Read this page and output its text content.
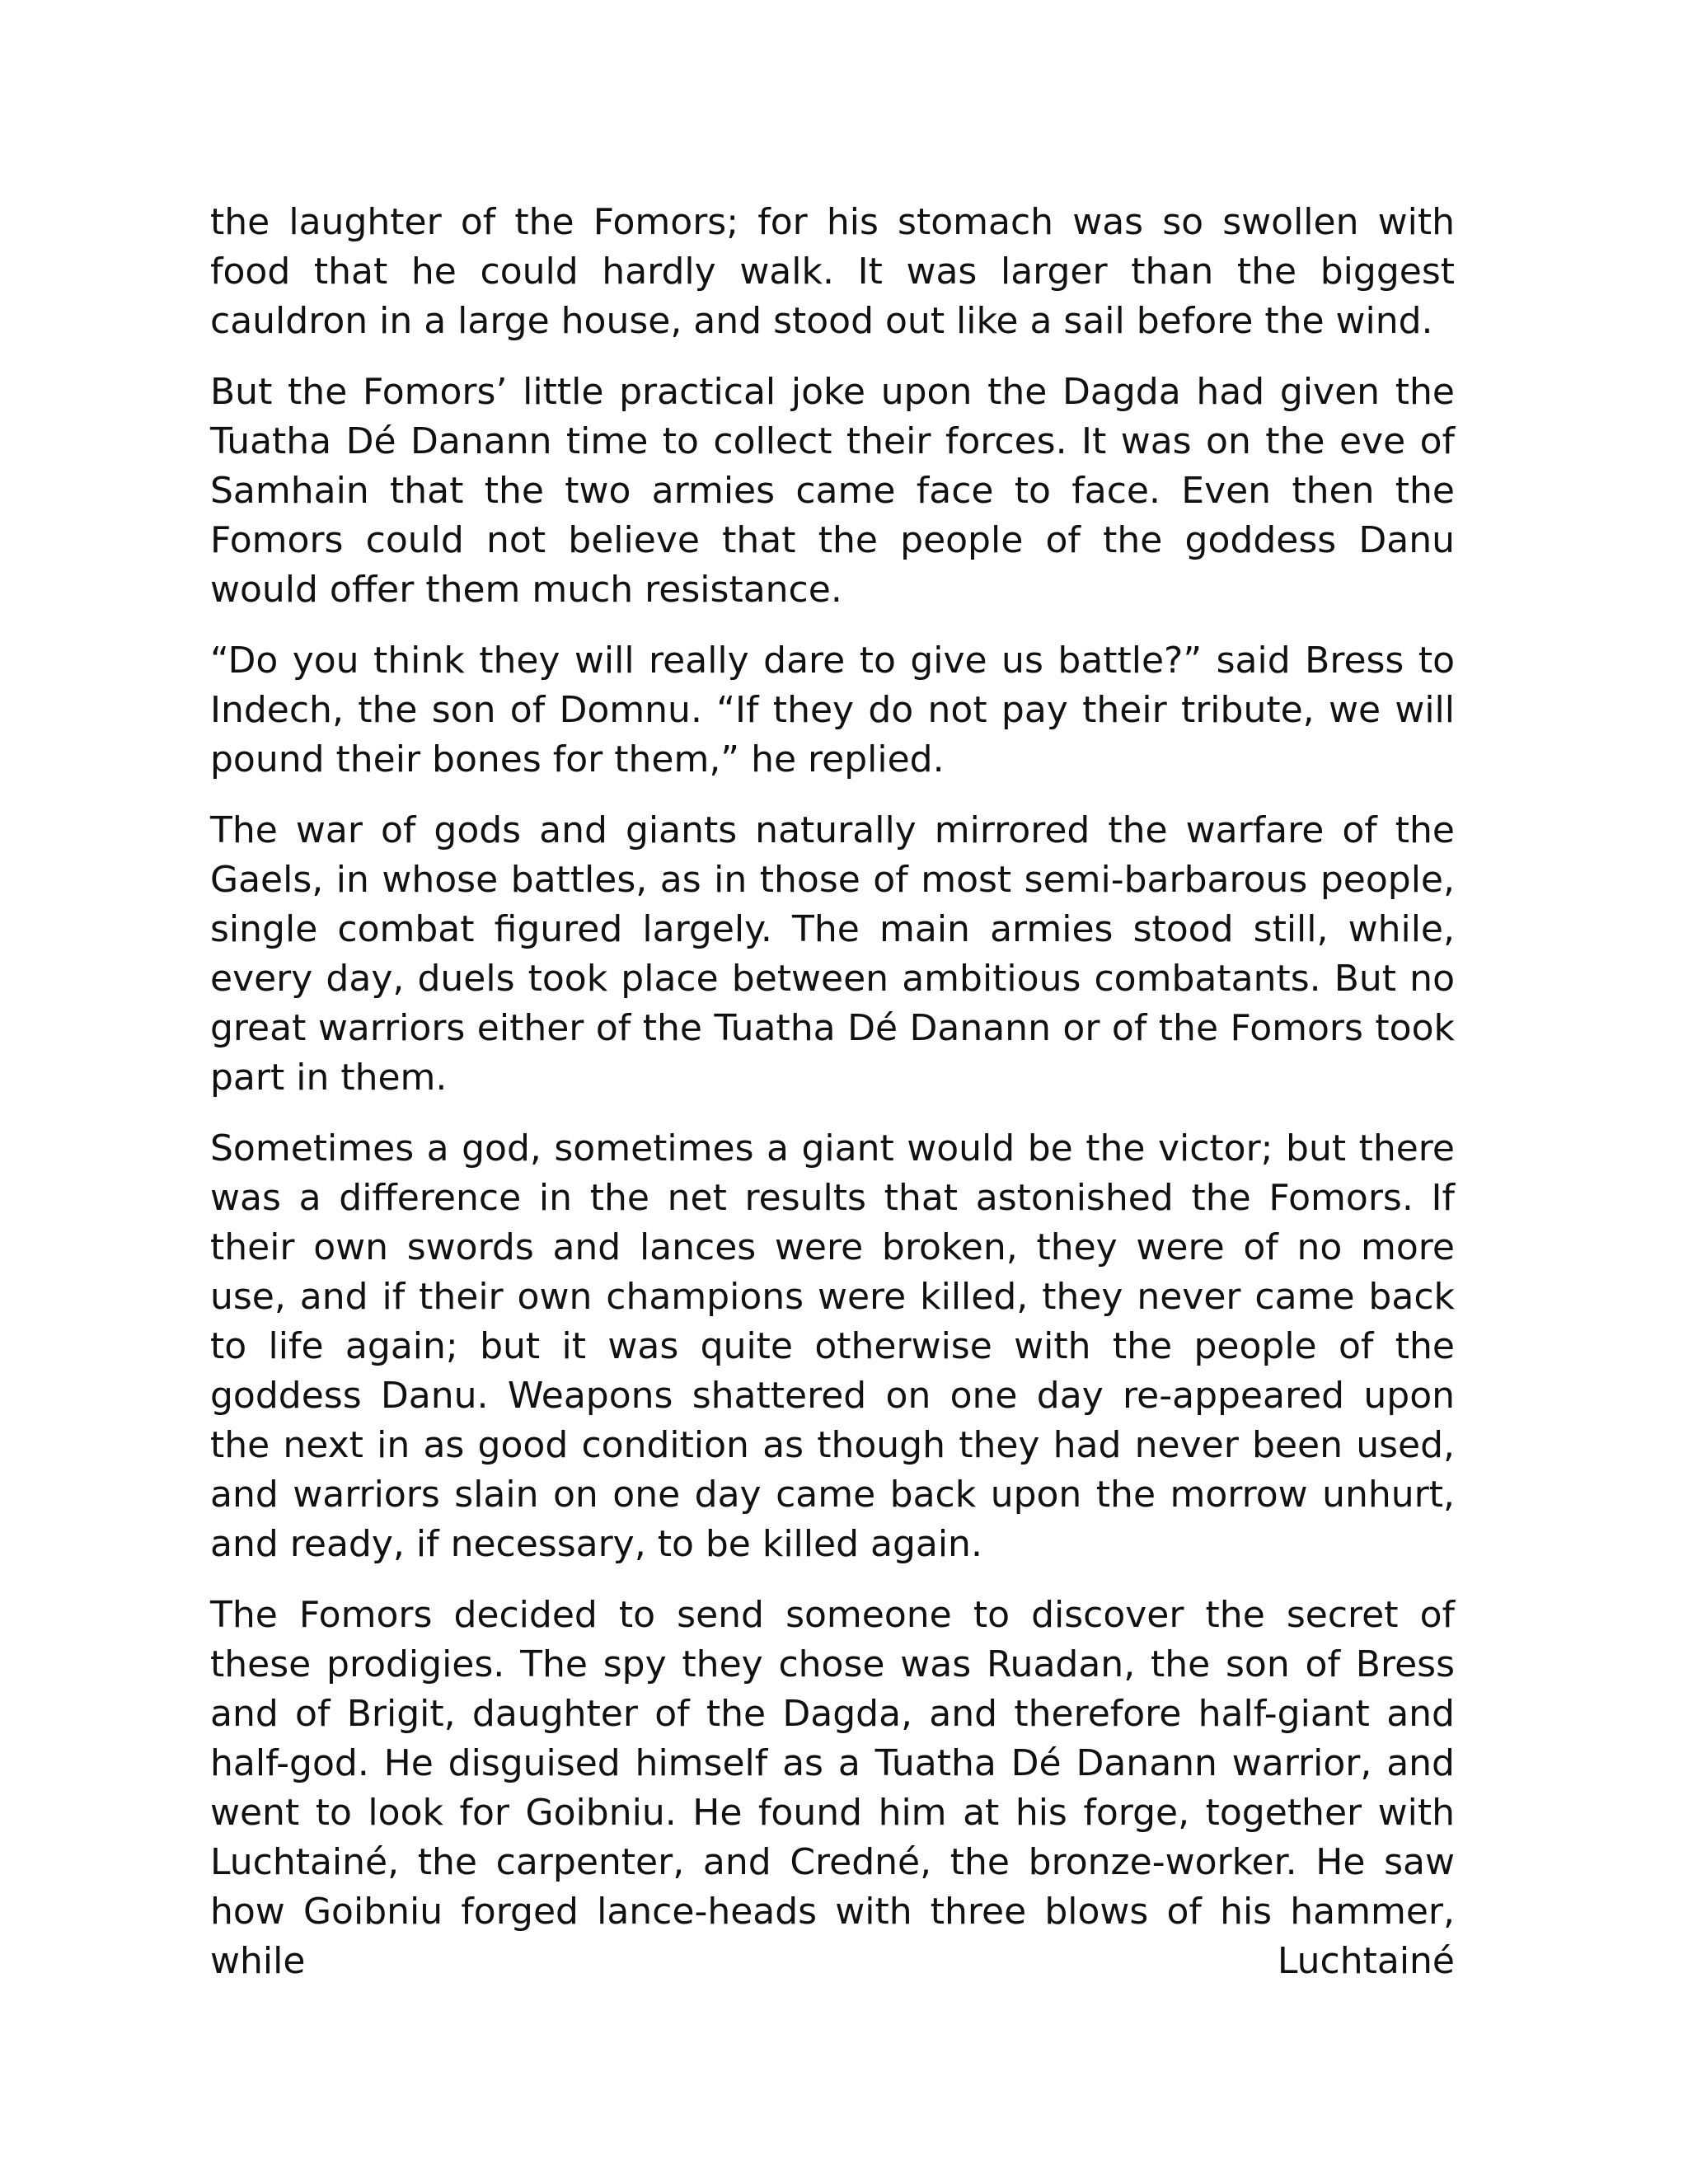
the laughter of the Fomors; for his stomach was so swollen with food that he could hardly walk. It was larger than the biggest cauldron in a large house, and stood out like a sail before the wind.

But the Fomors’ little practical joke upon the Dagda had given the Tuatha Dé Danann time to collect their forces. It was on the eve of Samhain that the two armies came face to face. Even then the Fomors could not believe that the people of the goddess Danu would offer them much resistance.

“Do you think they will really dare to give us battle?” said Bress to Indech, the son of Domnu. “If they do not pay their tribute, we will pound their bones for them,” he replied.

The war of gods and giants naturally mirrored the warfare of the Gaels, in whose battles, as in those of most semi-barbarous people, single combat figured largely. The main armies stood still, while, every day, duels took place between ambitious combatants. But no great warriors either of the Tuatha Dé Danann or of the Fomors took part in them.

Sometimes a god, sometimes a giant would be the victor; but there was a difference in the net results that astonished the Fomors. If their own swords and lances were broken, they were of no more use, and if their own champions were killed, they never came back to life again; but it was quite otherwise with the people of the goddess Danu. Weapons shattered on one day re-appeared upon the next in as good condition as though they had never been used, and warriors slain on one day came back upon the morrow unhurt, and ready, if necessary, to be killed again.

The Fomors decided to send someone to discover the secret of these prodigies. The spy they chose was Ruadan, the son of Bress and of Brigit, daughter of the Dagda, and therefore half-giant and half-god. He disguised himself as a Tuatha Dé Danann warrior, and went to look for Goibniu. He found him at his forge, together with Luchtainé, the carpenter, and Credné, the bronze-worker. He saw how Goibniu forged lance-heads with three blows of his hammer, while Luchtainé
